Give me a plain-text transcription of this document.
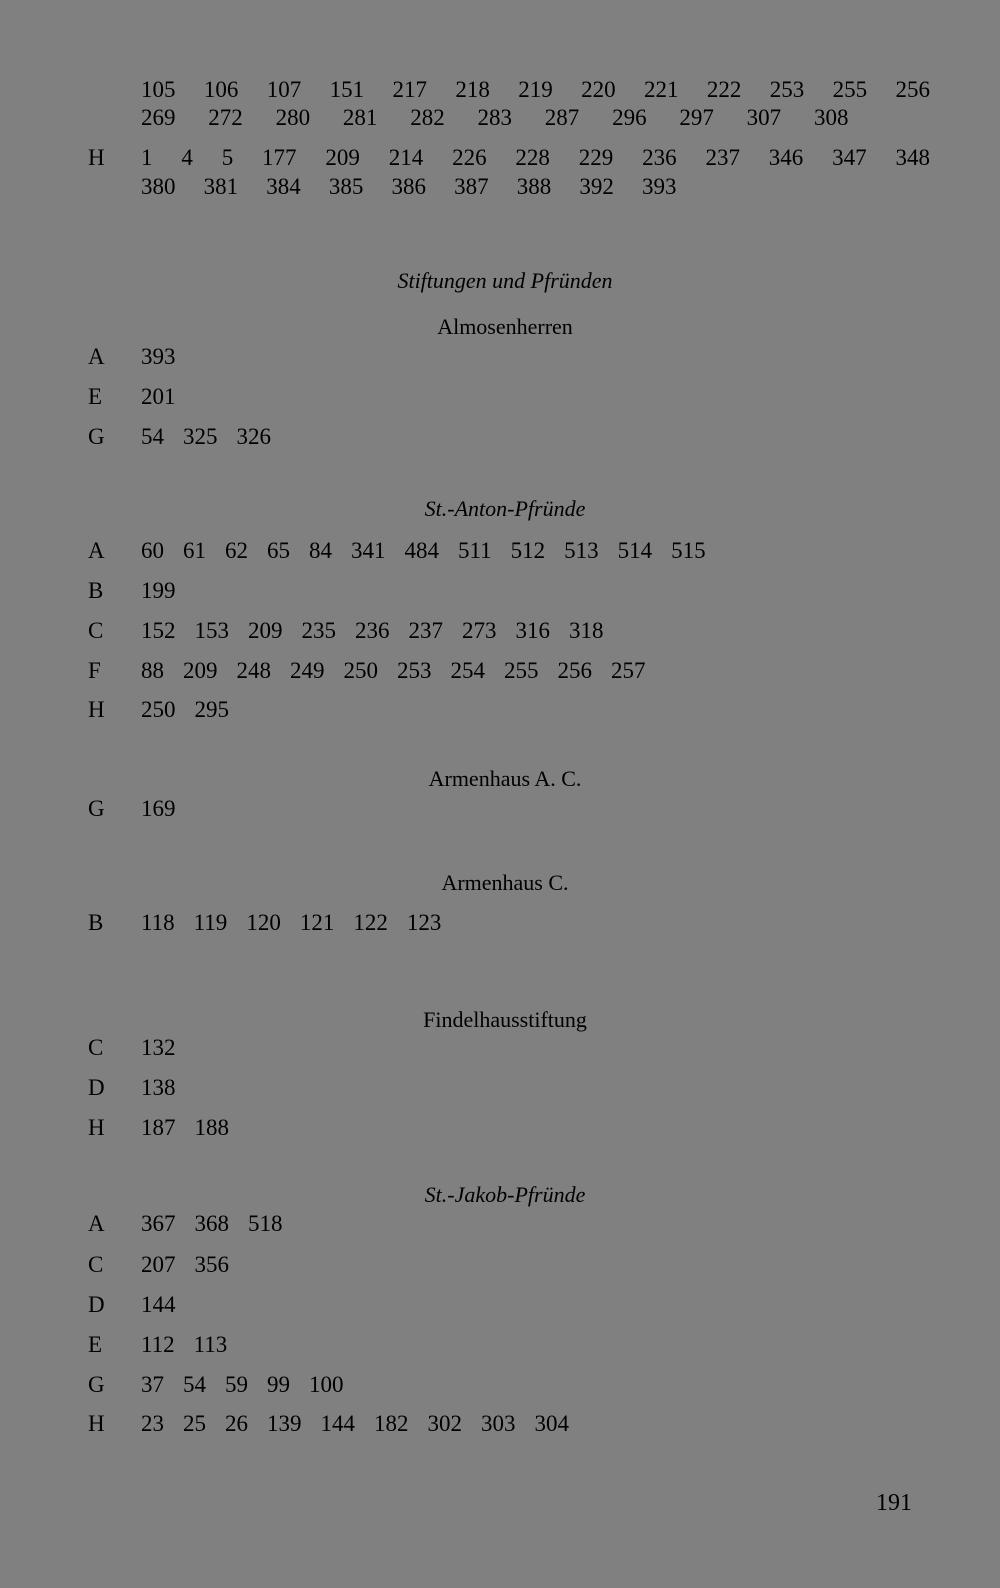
105 106 107 151 217 218 219 220 221 222 253 255 256
269 272 280 281 282 283 287 296 297 307 308
H	1 4 5 177 209 214 226 228 229 236 237 346 347 348
380 381 384 385 386 387 388 392 393
Stiftungen und Pfründen
Almosenherren
A	393
E	201
G	54 325 326
St.-Anton-Pfründe
A	60 61 62 65 84 341 484 511 512 513 514 515
B	199
C	152 153 209 235 236 237 273 316 318
F	88 209 248 249 250 253 254 255 256 257
H	250 295
Armenhaus A. C.
G	169
Armenhaus C.
B	118 119 120 121 122 123
Findelhausstiftung
C	132
D	138
H	187 188
St.-Jakob-Pfründe
A	367 368 518
C	207 356
D	144
E	112 113
G	37 54 59 99 100
H	23 25 26 139 144 182 302 303 304
191
